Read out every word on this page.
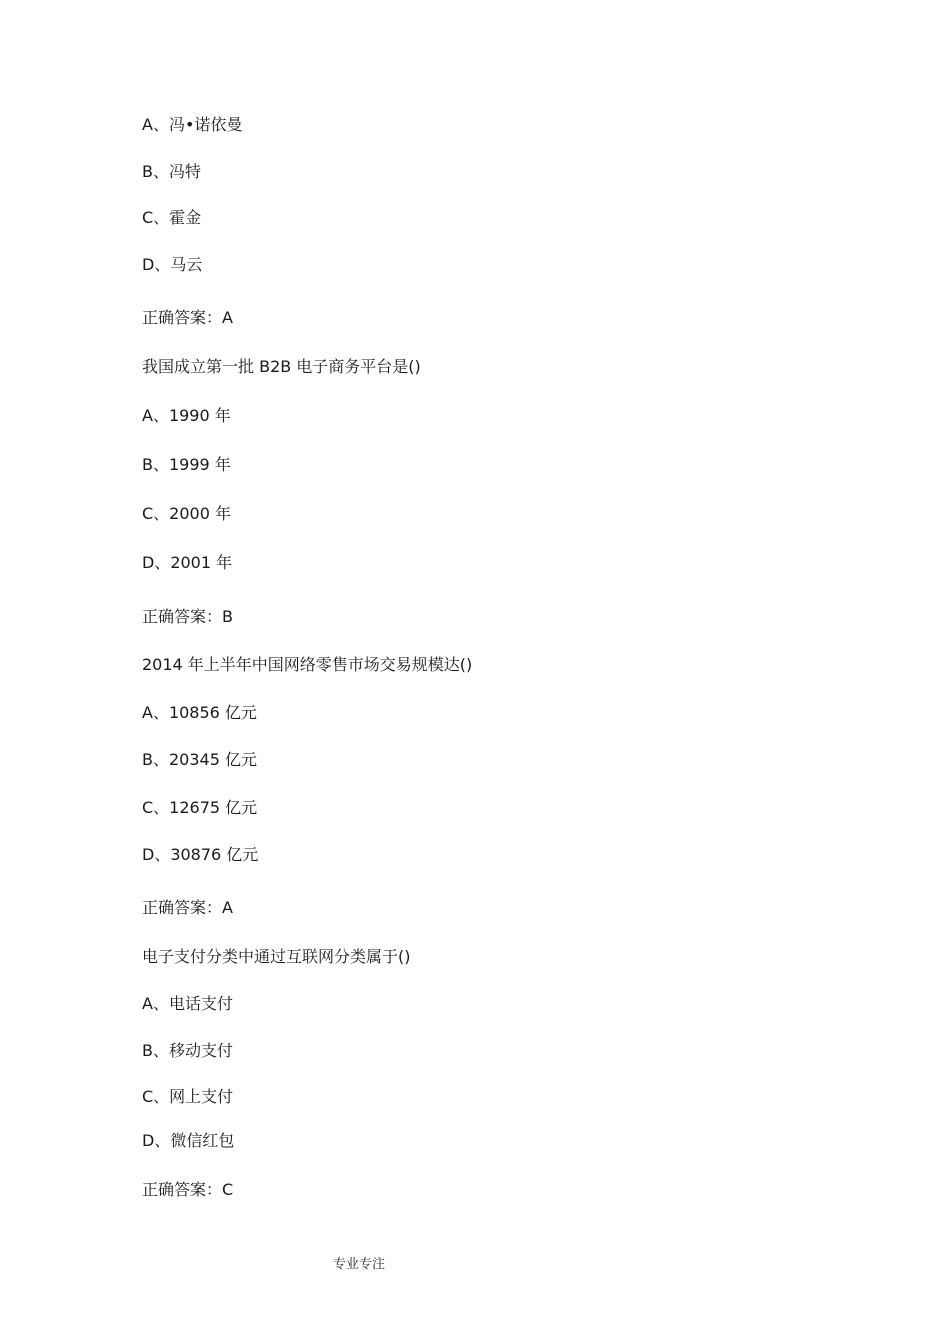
A、冯•诺依曼
B、冯特
C、霍金
D、马云
正确答案：A
我国成立第一批 B2B 电子商务平台是()
A、1990 年
B、1999 年
C、2000 年
D、2001 年
正确答案：B
2014 年上半年中国网络零售市场交易规模达()
A、10856 亿元
B、20345 亿元
C、12675 亿元
D、30876 亿元
正确答案：A
电子支付分类中通过互联网分类属于()
A、电话支付
B、移动支付
C、网上支付
D、微信红包
正确答案：C
专业专注
